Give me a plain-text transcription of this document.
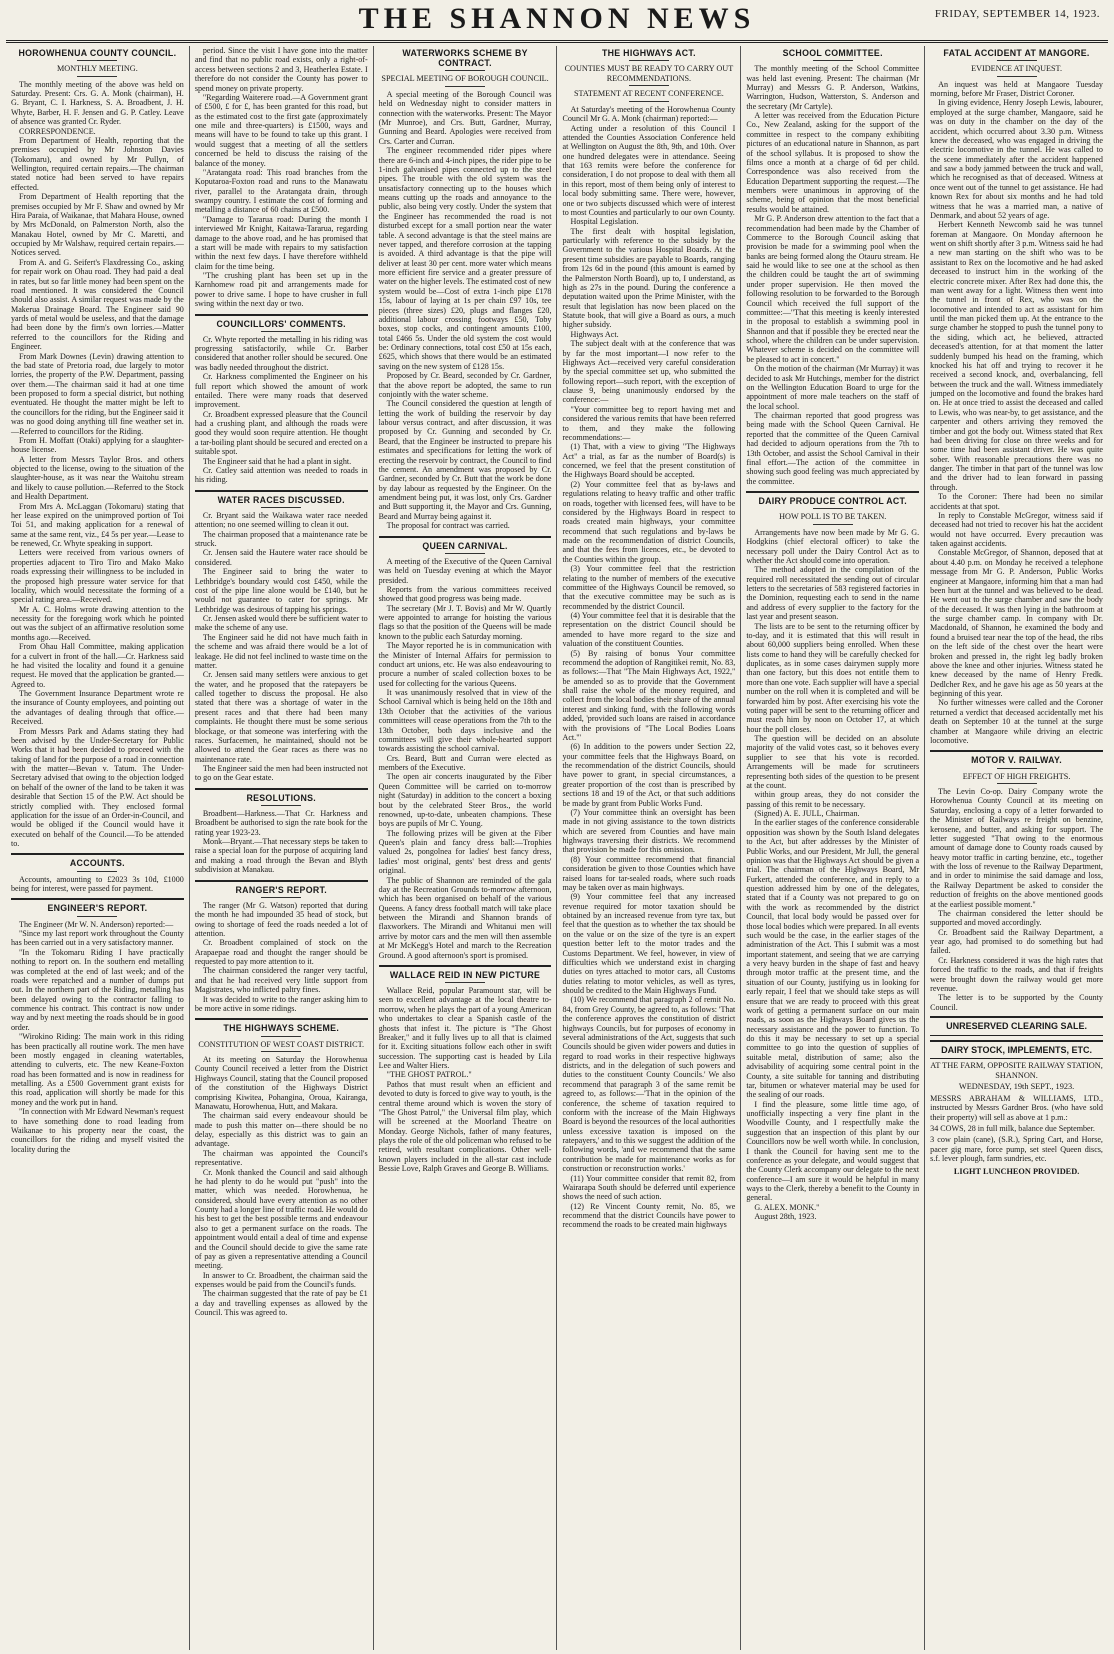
THE SHANNON NEWS	FRIDAY, SEPTEMBER 14, 1923.
HOROWHENUA COUNTY COUNCIL.
MONTHLY MEETING.

The monthly meeting of the above was held on Saturday. Present: Crs. G. A. Monk (chairman), H. G. Bryant, C. I. Harkness, S. A. Broadbent, J. H. Whyte, Barber, H. F. Jensen and G. P. Catley. Leave of absence was granted Cr. Ryder.

CORRESPONDENCE.

From Department of Health, reporting that the premises occupied by Mr Johnston Davies (Tokomaru), and owned by Mr Pullyn, of Wellington, required certain repairs.—The chairman stated notice had been served to have repairs effected.

From Department of Health reporting that the premises occupied by Mr F. Shaw and owned by Mr Hira Paraia, of Waikanae, that Mahara House, owned by Mrs McDonald, on Palmerston North, also the Manakau Hotel, owned by Mr C. Maretti, and occupied by Mr Walshaw, required certain repairs.—Notices served.

From A. and G. Seifert's Flaxdressing Co., asking for repair work on Ohau road. They had paid a deal in rates, but so far little money had been spent on the road mentioned. It was considered the Council should also assist. A similar request was made by the Makerua Drainage Board. The Engineer said 90 yards of metal would be useless, and that the damage had been done by the firm's own lorries.—Matter referred to the councillors for the Riding and Engineer.

From Mark Downes (Levin) drawing attention to the bad state of Pretoria road, due largely to motor lorries, the property of the P.W. Department, passing over them.—The chairman said it had at one time been proposed to form a special district, but nothing eventuated. He thought the matter might be left to the councillors for the riding, but the Engineer said it was no good doing anything till fine weather set in.—Referred to councillors for the Riding.

From H. Moffatt (Otaki) applying for a slaughter-house license.

A letter from Messrs Taylor Bros. and others objected to the license, owing to the situation of the slaughter-house, as it was near the Waitohu stream and likely to cause pollution.—Referred to the Stock and Health Department.

From Mrs A. McLaggan (Tokomaru) stating that her lease expired on the unimproved portion of Toi Toi 51, and making application for a renewal of same at the same rent, viz., £4 5s per year.—Lease to be renewed, Cr. Whyte speaking in support.

Letters were received from various owners of properties adjacent to Tiro Tiro and Mako Mako roads expressing their willingness to be included in the proposed high pressure water service for that locality, which would necessitate the forming of a special rating area.—Received.

Mr A. C. Holms wrote drawing attention to the necessity for the foregoing work which he pointed out was the subject of an affirmative resolution some months ago.—Received.

From Ohau Hall Committee, making application for a culvert in front of the hall.—Cr. Harkness said he had visited the locality and found it a genuine request. He moved that the application be granted.—Agreed to.

The Government Insurance Department wrote re the insurance of County employees, and pointing out the advantages of dealing through that office.—Received.

From Messrs Park and Adams stating they had been advised by the Under-Secretary for Public Works that it had been decided to proceed with the taking of land for the purpose of a road in connection with the matter—Bevan v. Tatum. The Under-Secretary advised that owing to the objection lodged on behalf of the owner of the land to be taken it was desirable that Section 15 of the P.W. Act should be strictly complied with. They enclosed formal application for the issue of an Order-in-Council, and would be obliged if the Council would have it executed on behalf of the Council.—To be attended to.

ACCOUNTS.

Accounts, amounting to £2023 3s 10d, £1000 being for interest, were passed for payment.

ENGINEER'S REPORT.

The Engineer (Mr W. N. Anderson) reported:—

"Since my last report work throughout the County has been carried out in a very satisfactory manner.

"In the Tokomaru Riding I have practically nothing to report on. In the southern end metalling was completed at the end of last week; and of the roads were repatched and a number of dumps put out. In the northern part of the Riding, metalling has been delayed owing to the contractor falling to commence his contract. This contract is now under way and by next meeting the roads should be in good order.

"Wirokino Riding: The main work in this riding has been practically all routine work. The men have been mostly engaged in cleaning watertables, attending to culverts, etc. The new Keane-Foxton road has been formatted and is now in readiness for metalling. As a £500 Government grant exists for this road, application will shortly be made for this money and the work put in hand.

"In connection with Mr Edward Newman's request to have something done to road leading from Waikanae to his property near the coast, the councillors for the riding and myself visited the locality during the

period. Since the visit I have gone into the matter and find that no public road exists, only a right-of-access between sections 2 and 3, Heatherlea Estate. I therefore do not consider the County has power to spend money on private property.

"Regarding Waiterere road.—A Government grant of £500, £ for £, has been granted for this road, but as the estimated cost to the first gate (approximately one mile and three-quarters) is £1500, ways and means will have to be found to take up this grant. I would suggest that a meeting of all the settlers concerned be held to discuss the raising of the balance of the money.

"Aratangata road: This road branches from the Koputaroa-Foxton road and runs to the Manawatu river, parallel to the Aratangata drain, through swampy country. I estimate the cost of forming and metalling a distance of 60 chains at £500.

"Damage to Tararua road: During the month I interviewed Mr Knight, Kaitawa-Tararua, regarding damage to the above road, and he has promised that a start will be made with repairs to my satisfaction within the next few days. I have therefore withheld claim for the time being.

"The crushing plant has been set up in the Karnhomew road pit and arrangements made for power to drive same. I hope to have crusher in full swing within the next day or two.

COUNCILLORS' COMMENTS.

Cr. Whyte reported the metalling in his riding was progressing satisfactorily, while Cr. Barber considered that another roller should be secured. One was badly needed throughout the district.

Cr. Harkness complimented the Engineer on his full report which showed the amount of work entailed. There were many roads that deserved improvement.

Cr. Broadbent expressed pleasure that the Council had a crushing plant, and although the roads were good they would soon require attention. He thought a tar-boiling plant should be secured and erected on a suitable spot.

The Engineer said that he had a plant in sight.

Cr. Catley said attention was needed to roads in his riding.

WATER RACES DISCUSSED.

Cr. Bryant said the Waikawa water race needed attention; no one seemed willing to clean it out.

The chairman proposed that a maintenance rate be struck.

Cr. Jensen said the Hautere water race should be considered.

The Engineer said to bring the water to Lethbridge's boundary would cost £450, while the cost of the pipe line alone would be £140, but he would not guarantee to cater for springs. Mr Lethbridge was desirous of tapping his springs.

Cr. Jensen asked would there be sufficient water to make the scheme of any use.

The Engineer said he did not have much faith in the scheme and was afraid there would be a lot of leakage. He did not feel inclined to waste time on the matter.

Cr. Jensen said many settlers were anxious to get the water, and he proposed that the ratepayers be called together to discuss the proposal. He also stated that there was a shortage of water in the present races and that there had been many complaints. He thought there must be some serious blockage, or that someone was interfering with the races. Surfacemen, he maintained, should not be allowed to attend the Gear races as there was no maintenance rate.

The Engineer said the men had been instructed not to go on the Gear estate.

RESOLUTIONS.

Broadbent—Harkness.—That Cr. Harkness and Broadbent be authorised to sign the rate book for the rating year 1923-23.

Monk—Bryant.—That necessary steps be taken to raise a special loan for the purpose of acquiring land and making a road through the Bevan and Blyth subdivision at Manakau.

RANGER'S REPORT.

The ranger (Mr G. Watson) reported that during the month he had impounded 35 head of stock, but owing to shortage of feed the roads needed a lot of attention.

Cr. Broadbent complained of stock on the Arapaepae road and thought the ranger should be requested to pay more attention to it.

The chairman considered the ranger very tactful, and that he had received very little support from Magistrates, who inflicted paltry fines.

It was decided to write to the ranger asking him to be more active in some ridings.

THE HIGHWAYS SCHEME.
CONSTITUTION OF WEST COAST DISTRICT.

At its meeting on Saturday the Horowhenua County Council received a letter from the District Highways Council, stating that the Council proposed of the constitution of the Highways District comprising Kiwitea, Pohangina, Oroua, Kairanga, Manawatu, Horowhenua, Hutt, and Makara.

The chairman said every endeavour should be made to push this matter on—there should be no delay, especially as this district was to gain an advantage.

The chairman was appointed the Council's representative.

Cr. Monk thanked the Council and said although he had plenty to do he would put "push" into the matter, which was needed. Horowhenua, he considered, should have every attention as no other County had a longer line of traffic road. He would do his best to get the best possible terms and endeavour also to get a permanent surface on the roads. The appointment would entail a deal of time and expense and the Council should decide to give the same rate of pay as given a representative attending a Council meeting.

In answer to Cr. Broadbent, the chairman said the expenses would be paid from the Council's funds.

The chairman suggested that the rate of pay be £1 a day and travelling expenses as allowed by the Council. This was agreed to.

WATERWORKS SCHEME BY CONTRACT.
SPECIAL MEETING OF BOROUGH COUNCIL.

A special meeting of the Borough Council was held on Wednesday night to consider matters in connection with the waterworks. Present: The Mayor (Mr Munroe), and Crs. Butt, Gardner, Murray, Gunning and Beard. Apologies were received from Crs. Carter and Curran.

The engineer recommended rider pipes where there are 6-inch and 4-inch pipes, the rider pipe to be 1-inch galvanised pipes connected up to the steel pipes. The trouble with the old system was the unsatisfactory connecting up to the houses which means cutting up the roads and annoyance to the public, also being very costly. Under the system that the Engineer has recommended the road is not disturbed except for a small portion near the water table. A second advantage is that the steel mains are never tapped, and therefore corrosion at the tapping is avoided. A third advantage is that the pipe will deliver at least 30 per cent. more water which means more efficient fire service and a greater pressure of water on the higher levels. The estimated cost of new system would be—Cost of extra 1-inch pipe £178 15s, labour of laying at 1s per chain £97 10s, tee pieces (three sizes) £20, plugs and flanges £20, additional labour crossing footways £50, Toby boxes, stop cocks, and contingent amounts £100, total £466 5s. Under the old system the cost would be: Ordinary connections, total cost £50 at 15s each, £625, which shows that there would be an estimated saving on the new system of £128 15s.

Proposed by Cr. Beard, seconded by Cr. Gardner, that the above report be adopted, the same to run conjointly with the water scheme.

The Council considered the question at length of letting the work of building the reservoir by day labour versus contract, and after discussion, it was proposed by Cr. Gunning and seconded by Cr. Beard, that the Engineer be instructed to prepare his estimates and specifications for letting the work of erecting the reservoir by contract, the Council to find the cement. An amendment was proposed by Cr. Gardner, seconded by Cr. Butt that the work be done by day labour as requested by the Engineer. On the amendment being put, it was lost, only Crs. Gardner and Butt supporting it, the Mayor and Crs. Gunning, Beard and Murray being against it.

The proposal for contract was carried.

QUEEN CARNIVAL.

A meeting of the Executive of the Queen Carnival was held on Tuesday evening at which the Mayor presided.

Reports from the various committees received showed that good progress was being made.

The secretary (Mr J. T. Bovis) and Mr W. Quartly were appointed to arrange for hoisting the various flags so that the position of the Queens will be made known to the public each Saturday morning.

The Mayor reported he is in communication with the Minister of Internal Affairs for permission to conduct art unions, etc. He was also endeavouring to procure a number of scaled collection boxes to be used for collecting for the various Queens.

It was unanimously resolved that in view of the School Carnival which is being held on the 18th and 13th October that the activities of the various committees will cease operations from the 7th to the 13th October, both days inclusive and the committees will give their whole-hearted support towards assisting the school carnival.

Crs. Beard, Butt and Curran were elected as members of the Executive.

The open air concerts inaugurated by the Fiber Queen Committee will be carried on to-morrow night (Saturday) in addition to the concert a boxing bout by the celebrated Steer Bros., the world renowned, up-to-date, unbeaten champions. These boys are pupils of Mr C. Young.

The following prizes will be given at the Fiber Queen's plain and fancy dress ball:—Trophies valued 2s, pongolnea for ladies' best fancy dress, ladies' most original, gents' best dress and gents' original.

The public of Shannon are reminded of the gala day at the Recreation Grounds to-morrow afternoon, which has been organised on behalf of the various Queens. A fancy dress football match will take place between the Mirandi and Shannon brands of flaxworkers. The Mirandi and Whitanui men will arrive by motor cars and the men will then assemble at Mr McKegg's Hotel and march to the Recreation Ground. A good afternoon's sport is promised.

WALLACE REID IN NEW PICTURE

Wallace Reid, popular Paramount star, will be seen to excellent advantage at the local theatre to-morrow, when he plays the part of a young American who undertakes to clear a Spanish castle of the ghosts that infest it. The picture is "The Ghost Breaker," and it fully lives up to all that is claimed for it. Exciting situations follow each other in swift succession. The supporting cast is headed by Lila Lee and Walter Hiers.

"THE GHOST PATROL."

Pathos that must result when an efficient and devoted to duty is forced to give way to youth, is the central theme around which is woven the story of "The Ghost Patrol," the Universal film play, which will be screened at the Moorland Theatre on Monday. George Nichols, father of many features, plays the role of the old policeman who refused to be retired, with resultant complications. Other well-known players included in the all-star cast include Bessie Love, Ralph Graves and George B. Williams.

THE HIGHWAYS ACT.
COUNTIES MUST BE READY TO CARRY OUT RECOMMENDATIONS.
STATEMENT AT RECENT CONFERENCE.

At Saturday's meeting of the Horowhenua County Council Mr G. A. Monk (chairman) reported:—

Acting under a resolution of this Council I attended the Counties Association Conference held at Wellington on August the 8th, 9th, and 10th. Over one hundred delegates were in attendance. Seeing that 163 remits were before the conference for consideration, I do not propose to deal with them all in this report, most of them being only of interest to local body submitting same. There were, however, one or two subjects discussed which were of interest to most Counties and particularly to our own County.

Hospital Legislation.

The first dealt with hospital legislation, particularly with reference to the subsidy by the Government to the various Hospital Boards. At the present time subsidies are payable to Boards, ranging from 12s 6d in the pound (this amount is earned by the Palmerston North Board), up to, I understand, as high as 27s in the pound. During the conference a deputation waited upon the Prime Minister, with the result that legislation has now been placed on the Statute book, that will give a Board as ours, a much higher subsidy.

Highways Act.

The subject dealt with at the conference that was by far the most important—I now refer to the Highways Act—received very careful consideration by the special committee set up, who submitted the following report—such report, with the exception of clause 9, being unanimously endorsed by the conference:—

"Your committee beg to report having met and considered the various remits that have been referred to them, and they make the following recommendations:—

(1) That, with a view to giving "The Highways Act" a trial, as far as the number of Board(s) is concerned, we feel that the present constitution of the Highways Board should be accepted.

(2) Your committee feel that as by-laws and regulations relating to heavy traffic and other traffic on roads, together with licensed fees, will have to be considered by the Highways Board in respect to roads created main highways, your committee recommend that such regulations and by-laws be made on the recommendation of district Councils, and that the fees from licences, etc., be devoted to the Counties within the group.

(3) Your committee feel that the restriction relating to the number of members of the executive committee of the Highways Council be removed, so that the executive committee may be such as is recommended by the district Council.

(4) Your committee feel that it is desirable that the representation on the district Council should be amended to have more regard to the size and valuation of the constituent Counties.

(5) By raising of bonus Your committee recommend the adoption of Rangitikei remit, No. 83, as follows:—That "The Main Highways Act, 1922," be amended so as to provide that the Government shall raise the whole of the money required, and collect from the local bodies their share of the annual interest and sinking fund, with the following words added, 'provided such loans are raised in accordance with the provisions of "The Local Bodies Loans Act."'

(6) In addition to the powers under Section 22, your committee feels that the Highways Board, on the recommendation of the district Councils, should have power to grant, in special circumstances, a greater proportion of the cost than is prescribed by sections 18 and 19 of the Act, or that such additions be made by grant from Public Works Fund.

(7) Your committee think an oversight has been made in not giving assistance to the town districts which are severed from Counties and have main highways traversing their districts. We recommend that provision be made for this omission.

(8) Your committee recommend that financial consideration be given to those Counties which have raised loans for tar-sealed roads, where such roads may be taken over as main highways.

(9) Your committee feel that any increased revenue required for motor taxation should be obtained by an increased revenue from tyre tax, but feel that the question as to whether the tax should be on the value or on the size of the tyre is an expert question better left to the motor trades and the Customs Department. We feel, however, in view of difficulties which we understand exist in charging duties on tyres attached to motor cars, all Customs duties relating to motor vehicles, as well as tyres, should be credited to the Main Highways Fund.

(10) We recommend that paragraph 2 of remit No. 84, from Grey County, be agreed to, as follows: 'That the conference approves the constitution of district highways Councils, but for purposes of economy in several administrations of the Act, suggests that such Councils should be given wider powers and duties in regard to road works in their respective highways districts, and in the delegation of such powers and duties to the constituent County Councils.' We also recommend that paragraph 3 of the same remit be agreed to, as follows:—'That in the opinion of the conference, the scheme of taxation required to conform with the increase of the Main Highways Board is beyond the resources of the local authorities unless excessive taxation is imposed on the ratepayers,' and to this we suggest the addition of the following words, 'and we recommend that the same contribution be made for maintenance works as for construction or reconstruction works.'

(11) Your committee consider that remit 82, from Wairarapa South should be deferred until experience shows the need of such action.

(12) Re Vincent County remit, No. 85, we recommend that the district Councils have power to recommend the roads to be created main highways

SCHOOL COMMITTEE.

The monthly meeting of the School Committee was held last evening. Present: The chairman (Mr Murray) and Messrs G. P. Anderson, Watkins, Warrington, Hudson, Watterston, S. Anderson and the secretary (Mr Cartyle).

A letter was received from the Education Picture Co., New Zealand, asking for the support of the committee in respect to the company exhibiting pictures of an educational nature in Shannon, as part of the school syllabus. It is proposed to show the films once a month at a charge of 6d per child. Correspondence was also received from the Education Department supporting the request.—The members were unanimous in approving of the scheme, being of opinion that the most beneficial results would be attained.

Mr G. P. Anderson drew attention to the fact that a recommendation had been made by the Chamber of Commerce to the Borough Council asking that provision be made for a swimming pool when the banks are being formed along the Otauru stream. He said he would like to see one at the school as then the children could be taught the art of swimming under proper supervision. He then moved the following resolution to be forwarded to the Borough Council which received the full support of the committee:—"That this meeting is keenly interested in the proposal to establish a swimming pool in Shannon and that if possible they be erected near the school, where the children can be under supervision. Whatever scheme is decided on the committee will be pleased to act in concert."

On the motion of the chairman (Mr Murray) it was decided to ask Mr Hutchings, member for the district on the Wellington Education Board to urge for the appointment of more male teachers on the staff of the local school.

The chairman reported that good progress was being made with the School Queen Carnival. He reported that the committee of the Queen Carnival had decided to adjourn operations from the 7th to 13th October, and assist the School Carnival in their final effort.—The action of the committee in showing such good feeling was much appreciated by the committee.

DAIRY PRODUCE CONTROL ACT.
HOW POLL IS TO BE TAKEN.

Arrangements have now been made by Mr G. G. Hodgkins (chief electoral officer) to take the necessary poll under the Dairy Control Act as to whether the Act should come into operation.

The method adopted in the compilation of the required roll necessitated the sending out of circular letters to the secretaries of 583 registered factories in the Dominion, requesting each to send in the name and address of every supplier to the factory for the last year and present season.

The lists are to be sent to the returning officer by to-day, and it is estimated that this will result in about 60,000 suppliers being enrolled. When these lists come to hand they will be carefully checked for duplicates, as in some cases dairymen supply more than one factory, but this does not entitle them to more than one vote. Each supplier will have a special number on the roll when it is completed and will be forwarded him by post. After exercising his vote the voting paper will be sent to the returning officer and must reach him by noon on October 17, at which hour the poll closes.

The question will be decided on an absolute majority of the valid votes cast, so it behoves every supplier to see that his vote is recorded. Arrangements will be made for scrutineers representing both sides of the question to be present at the count.

within group areas, they do not consider the passing of this remit to be necessary.

(Signed) A. E. JULL, Chairman.

In the earlier stages of the conference considerable opposition was shown by the South Island delegates to the Act, but after addresses by the Minister of Public Works, and our President, Mr Jull, the general opinion was that the Highways Act should be given a trial. The chairman of the Highways Board, Mr Furkert, attended the conference, and in reply to a question addressed him by one of the delegates, stated that if a County was not prepared to go on with the work as recommended by the district Council, that local body would be passed over for those local bodies which were prepared. In all events such would be the case, in the earlier stages of the administration of the Act. This I submit was a most important statement, and seeing that we are carrying a very heavy burden in the shape of fast and heavy through motor traffic at the present time, and the situation of our County, justifying us in looking for early repair, I feel that we should take steps as will ensure that we are ready to proceed with this great work of getting a permanent surface on our main roads, as soon as the Highways Board gives us the necessary assistance and the power to function. To do this it may be necessary to set up a special committee to go into the question of supplies of suitable metal, distribution of same; also the advisability of acquiring some central point in the County, a site suitable for tanning and distributing tar, bitumen or whatever material may be used for the sealing of our roads.

I find the pleasure, some little time ago, of unofficially inspecting a very fine plant in the Woodville County, and I respectfully make the suggestion that an inspection of this plant by our Councillors now be well worth while. In conclusion, I thank the Council for having sent me to the conference as your delegate, and would suggest that the County Clerk accompany our delegate to the next conference—I am sure it would be helpful in many ways to the Clerk, thereby a benefit to the County in general.

G. ALEX. MONK."

August 28th, 1923.

FATAL ACCIDENT AT MANGORE.
EVIDENCE AT INQUEST.

An inquest was held at Mangaore Tuesday morning, before Mr Fraser, District Coroner.

In giving evidence, Henry Joseph Lewis, labourer, employed at the surge chamber, Mangaore, said he was on duty in the chamber on the day of the accident, which occurred about 3.30 p.m. Witness knew the deceased, who was engaged in driving the electric locomotive in the tunnel. He was called to the scene immediately after the accident happened and saw a body jammed between the truck and wall, which he recognised as that of deceased. Witness at once went out of the tunnel to get assistance. He had known Rex for about six months and he had told witness that he was a married man, a native of Denmark, and about 52 years of age.

Herbert Kenneth Newcomb said he was tunnel foreman at Mangaore. On Monday afternoon he went on shift shortly after 3 p.m. Witness said he had a new man starting on the shift who was to be assistant to Rex on the locomotive and he had asked deceased to instruct him in the working of the electric concrete mixer. After Rex had done this, the man went away for a light. Witness then went into the tunnel in front of Rex, who was on the locomotive and intended to act as assistant for him until the man picked them up. At the entrance to the surge chamber he stopped to push the tunnel pony to the siding, which act, he believed, attracted deceased's attention, for at that moment the latter suddenly bumped his head on the framing, which knocked his hat off and trying to recover it he received a second knock, and, overbalancing, fell between the truck and the wall. Witness immediately jumped on the locomotive and found the brakes hard on. He at once tried to assist the deceased and called to Lewis, who was near-by, to get assistance, and the carpenter and others arriving they removed the timber and got the body out. Witness stated that Rex had been driving for close on three weeks and for some time had been assistant driver. He was quite sober. With reasonable precautions there was no danger. The timber in that part of the tunnel was low and the driver had to lean forward in passing through.

To the Coroner: There had been no similar accidents at that spot.

In reply to Constable McGregor, witness said if deceased had not tried to recover his hat the accident would not have occurred. Every precaution was taken against accidents.

Constable McGregor, of Shannon, deposed that at about 4.40 p.m. on Monday he received a telephone message from Mr G. P. Anderson, Public Works engineer at Mangaore, informing him that a man had been hurt at the tunnel and was believed to be dead. He went out to the surge chamber and saw the body of the deceased. It was then lying in the bathroom at the surge chamber camp. In company with Dr. Macdonald, of Shannon, he examined the body and found a bruised tear near the top of the head, the ribs on the left side of the chest over the heart were broken and pressed in, the right leg badly broken above the knee and other injuries. Witness stated he knew deceased by the name of Henry Fredk. Dedlcher Rex, and he gave his age as 50 years at the beginning of this year.

No further witnesses were called and the Coroner returned a verdict that deceased accidentally met his death on September 10 at the tunnel at the surge chamber at Mangaore while driving an electric locomotive.

MOTOR V. RAILWAY.
EFFECT OF HIGH FREIGHTS.

The Levin Co-op. Dairy Company wrote the Horowhenua County Council at its meeting on Saturday, enclosing a copy of a letter forwarded to the Minister of Railways re freight on benzine, kerosene, and butter, and asking for support. The letter suggested "That owing to the enormous amount of damage done to County roads caused by heavy motor traffic in carting benzine, etc., together with the loss of revenue to the Railway Department, and in order to minimise the said damage and loss, the Railway Department be asked to consider the reduction of freights on the above mentioned goods at the earliest possible moment."

The chairman considered the letter should be supported and moved accordingly.

Cr. Broadbent said the Railway Department, a year ago, had promised to do something but had failed.

Cr. Harkness considered it was the high rates that forced the traffic to the roads, and that if freights were brought down the railway would get more revenue.

The letter is to be supported by the County Council.

UNRESERVED CLEARING SALE.
DAIRY STOCK, IMPLEMENTS, ETC.
AT THE FARM, OPPOSITE RAILWAY STATION, SHANNON.
WEDNESDAY, 19th SEPT., 1923.

MESSRS ABRAHAM & WILLIAMS, LTD., instructed by Messrs Gardner Bros. (who have sold their property) will sell as above at 1 p.m.:

34 COWS, 28 in full milk, balance due September.

3 cow plain (cane), (S.R.), Spring Cart, and Horse, pacer gig mare, force pump, set steel Queen discs, s.f. lever plough, farm sundries, etc.

LIGHT LUNCHEON PROVIDED.
